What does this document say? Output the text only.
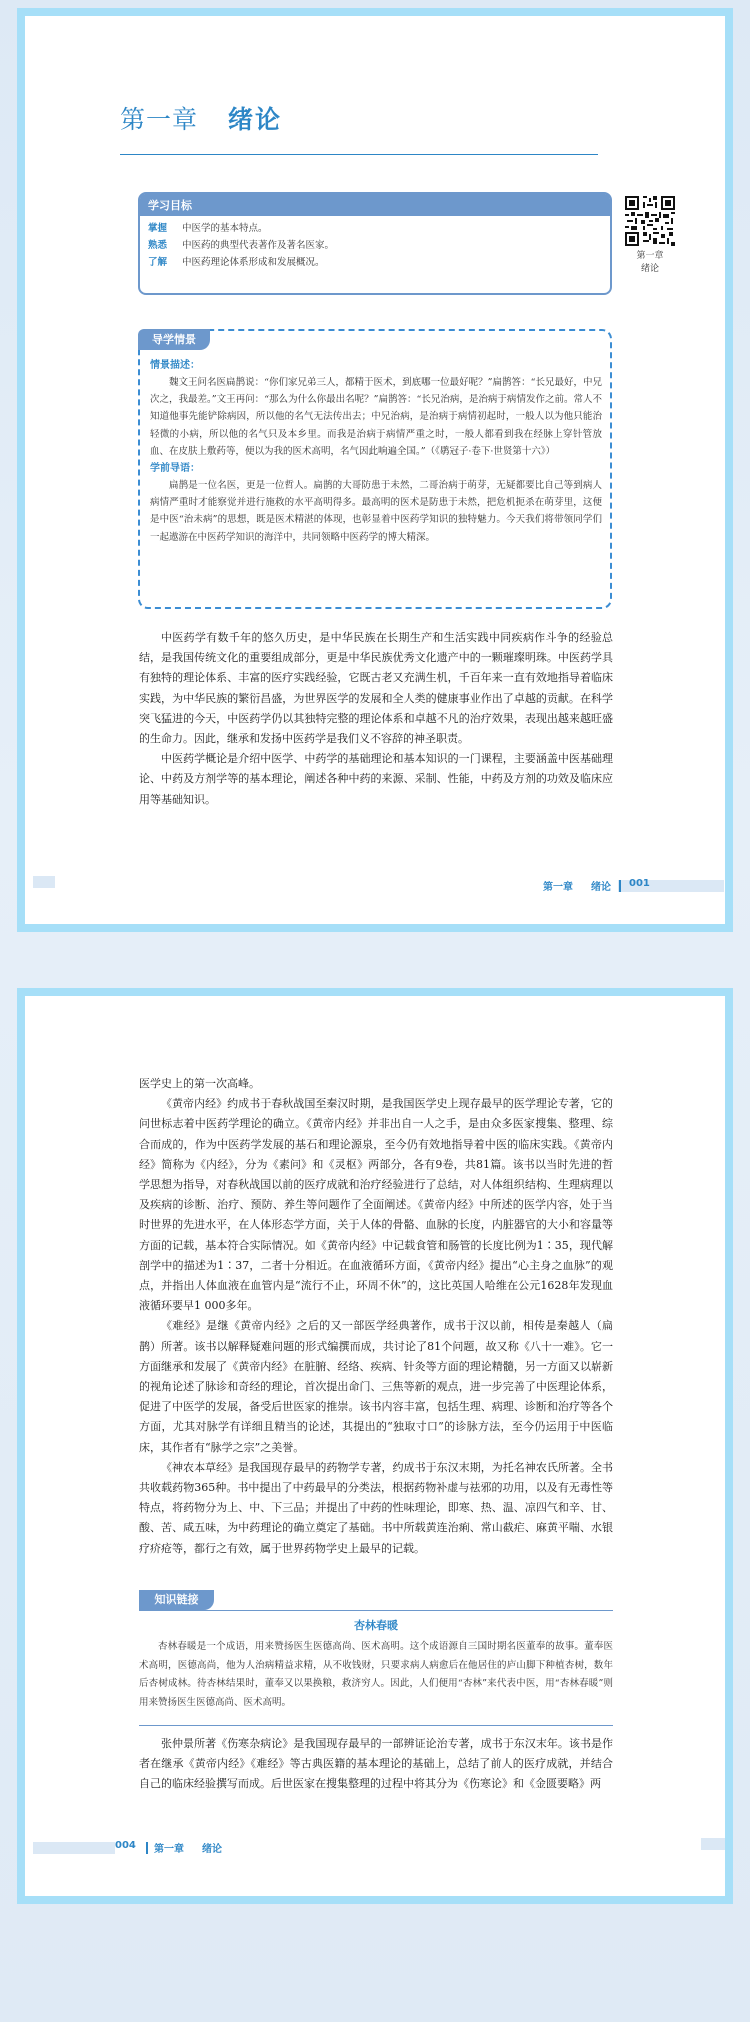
第一章 绪论
第一章
绪论
学习目标
掌握	中医学的基本特点。
熟悉	中医药的典型代表著作及著名医家。
了解	中医药理论体系形成和发展概况。
导学情景
情景描述：

魏文王问名医扁鹊说：“你们家兄弟三人，都精于医术，到底哪一位最好呢？”扁鹊答：“长兄最好，中兄次之，我最差。”文王再问：“那么为什么你最出名呢？”扁鹊答：“长兄治病，是治病于病情发作之前。常人不知道他事先能铲除病因，所以他的名气无法传出去；中兄治病，是治病于病情初起时，一般人以为他只能治轻微的小病，所以他的名气只及本乡里。而我是治病于病情严重之时，一般人都看到我在经脉上穿针管放血、在皮肤上敷药等，便以为我的医术高明，名气因此响遍全国。”（《鹖冠子·卷下·世贤第十六》）

学前导语：

扁鹊是一位名医，更是一位哲人。扁鹊的大哥防患于未然，二哥治病于萌芽，无疑都要比自己等到病人病情严重时才能察觉并进行施救的水平高明得多。最高明的医术是防患于未然，把危机扼杀在萌芽里，这便是中医“治未病”的思想，既是医术精湛的体现，也彰显着中医药学知识的独特魅力。今天我们将带领同学们一起遨游在中医药学知识的海洋中，共同领略中医药学的博大精深。

中医药学有数千年的悠久历史，是中华民族在长期生产和生活实践中同疾病作斗争的经验总结，是我国传统文化的重要组成部分，更是中华民族优秀文化遗产中的一颗璀璨明珠。中医药学具有独特的理论体系、丰富的医疗实践经验，它既古老又充满生机，千百年来一直有效地指导着临床实践，为中华民族的繁衍昌盛，为世界医学的发展和全人类的健康事业作出了卓越的贡献。在科学突飞猛进的今天，中医药学仍以其独特完整的理论体系和卓越不凡的治疗效果，表现出越来越旺盛的生命力。因此，继承和发扬中医药学是我们义不容辞的神圣职责。

中医药学概论是介绍中医学、中药学的基础理论和基本知识的一门课程，主要涵盖中医基础理论、中药及方剂学等的基本理论，阐述各种中药的来源、采制、性能，中药及方剂的功效及临床应用等基础知识。

第一章 绪论 001

医学史上的第一次高峰。

《黄帝内经》约成书于春秋战国至秦汉时期，是我国医学史上现存最早的医学理论专著，它的问世标志着中医药学理论的确立。《黄帝内经》并非出自一人之手，是由众多医家搜集、整理、综合而成的，作为中医药学发展的基石和理论源泉，至今仍有效地指导着中医的临床实践。《黄帝内经》简称为《内经》，分为《素问》和《灵枢》两部分，各有9卷，共81篇。该书以当时先进的哲学思想为指导，对春秋战国以前的医疗成就和治疗经验进行了总结，对人体组织结构、生理病理以及疾病的诊断、治疗、预防、养生等问题作了全面阐述。《黄帝内经》中所述的医学内容，处于当时世界的先进水平，在人体形态学方面，关于人体的骨骼、血脉的长度，内脏器官的大小和容量等方面的记载，基本符合实际情况。如《黄帝内经》中记载食管和肠管的长度比例为1∶35，现代解剖学中的描述为1∶37，二者十分相近。在血液循环方面，《黄帝内经》提出“心主身之血脉”的观点，并指出人体血液在血管内是“流行不止，环周不休”的，这比英国人哈维在公元1628年发现血液循环要早1 000多年。

《难经》是继《黄帝内经》之后的又一部医学经典著作，成书于汉以前，相传是秦越人（扁鹊）所著。该书以解释疑难问题的形式编撰而成，共讨论了81个问题，故又称《八十一难》。它一方面继承和发展了《黄帝内经》在脏腑、经络、疾病、针灸等方面的理论精髓，另一方面又以崭新的视角论述了脉诊和奇经的理论，首次提出命门、三焦等新的观点，进一步完善了中医理论体系，促进了中医学的发展，备受后世医家的推崇。该书内容丰富，包括生理、病理、诊断和治疗等各个方面，尤其对脉学有详细且精当的论述，其提出的“独取寸口”的诊脉方法，至今仍运用于中医临床，其作者有“脉学之宗”之美誉。

《神农本草经》是我国现存最早的药物学专著，约成书于东汉末期，为托名神农氏所著。全书共收载药物365种。书中提出了中药最早的分类法，根据药物补虚与祛邪的功用，以及有无毒性等特点，将药物分为上、中、下三品；并提出了中药的性味理论，即寒、热、温、凉四气和辛、甘、酸、苦、咸五味，为中药理论的确立奠定了基础。书中所载黄连治痢、常山截疟、麻黄平喘、水银疗疥疮等，都行之有效，属于世界药物学史上最早的记载。

知识链接
杏林春暖

杏林春暖是一个成语，用来赞扬医生医德高尚、医术高明。这个成语源自三国时期名医董奉的故事。董奉医术高明，医德高尚，他为人治病精益求精，从不收钱财，只要求病人病愈后在他居住的庐山脚下种植杏树，数年后杏树成林。待杏林结果时，董奉又以果换粮，救济穷人。因此，人们便用“杏林”来代表中医，用“杏林春暖”则用来赞扬医生医德高尚、医术高明。

张仲景所著《伤寒杂病论》是我国现存最早的一部辨证论治专著，成书于东汉末年。该书是作者在继承《黄帝内经》《难经》等古典医籍的基本理论的基础上，总结了前人的医疗成就，并结合自己的临床经验撰写而成。后世医家在搜集整理的过程中将其分为《伤寒论》和《金匮要略》两

004 第一章 绪论
